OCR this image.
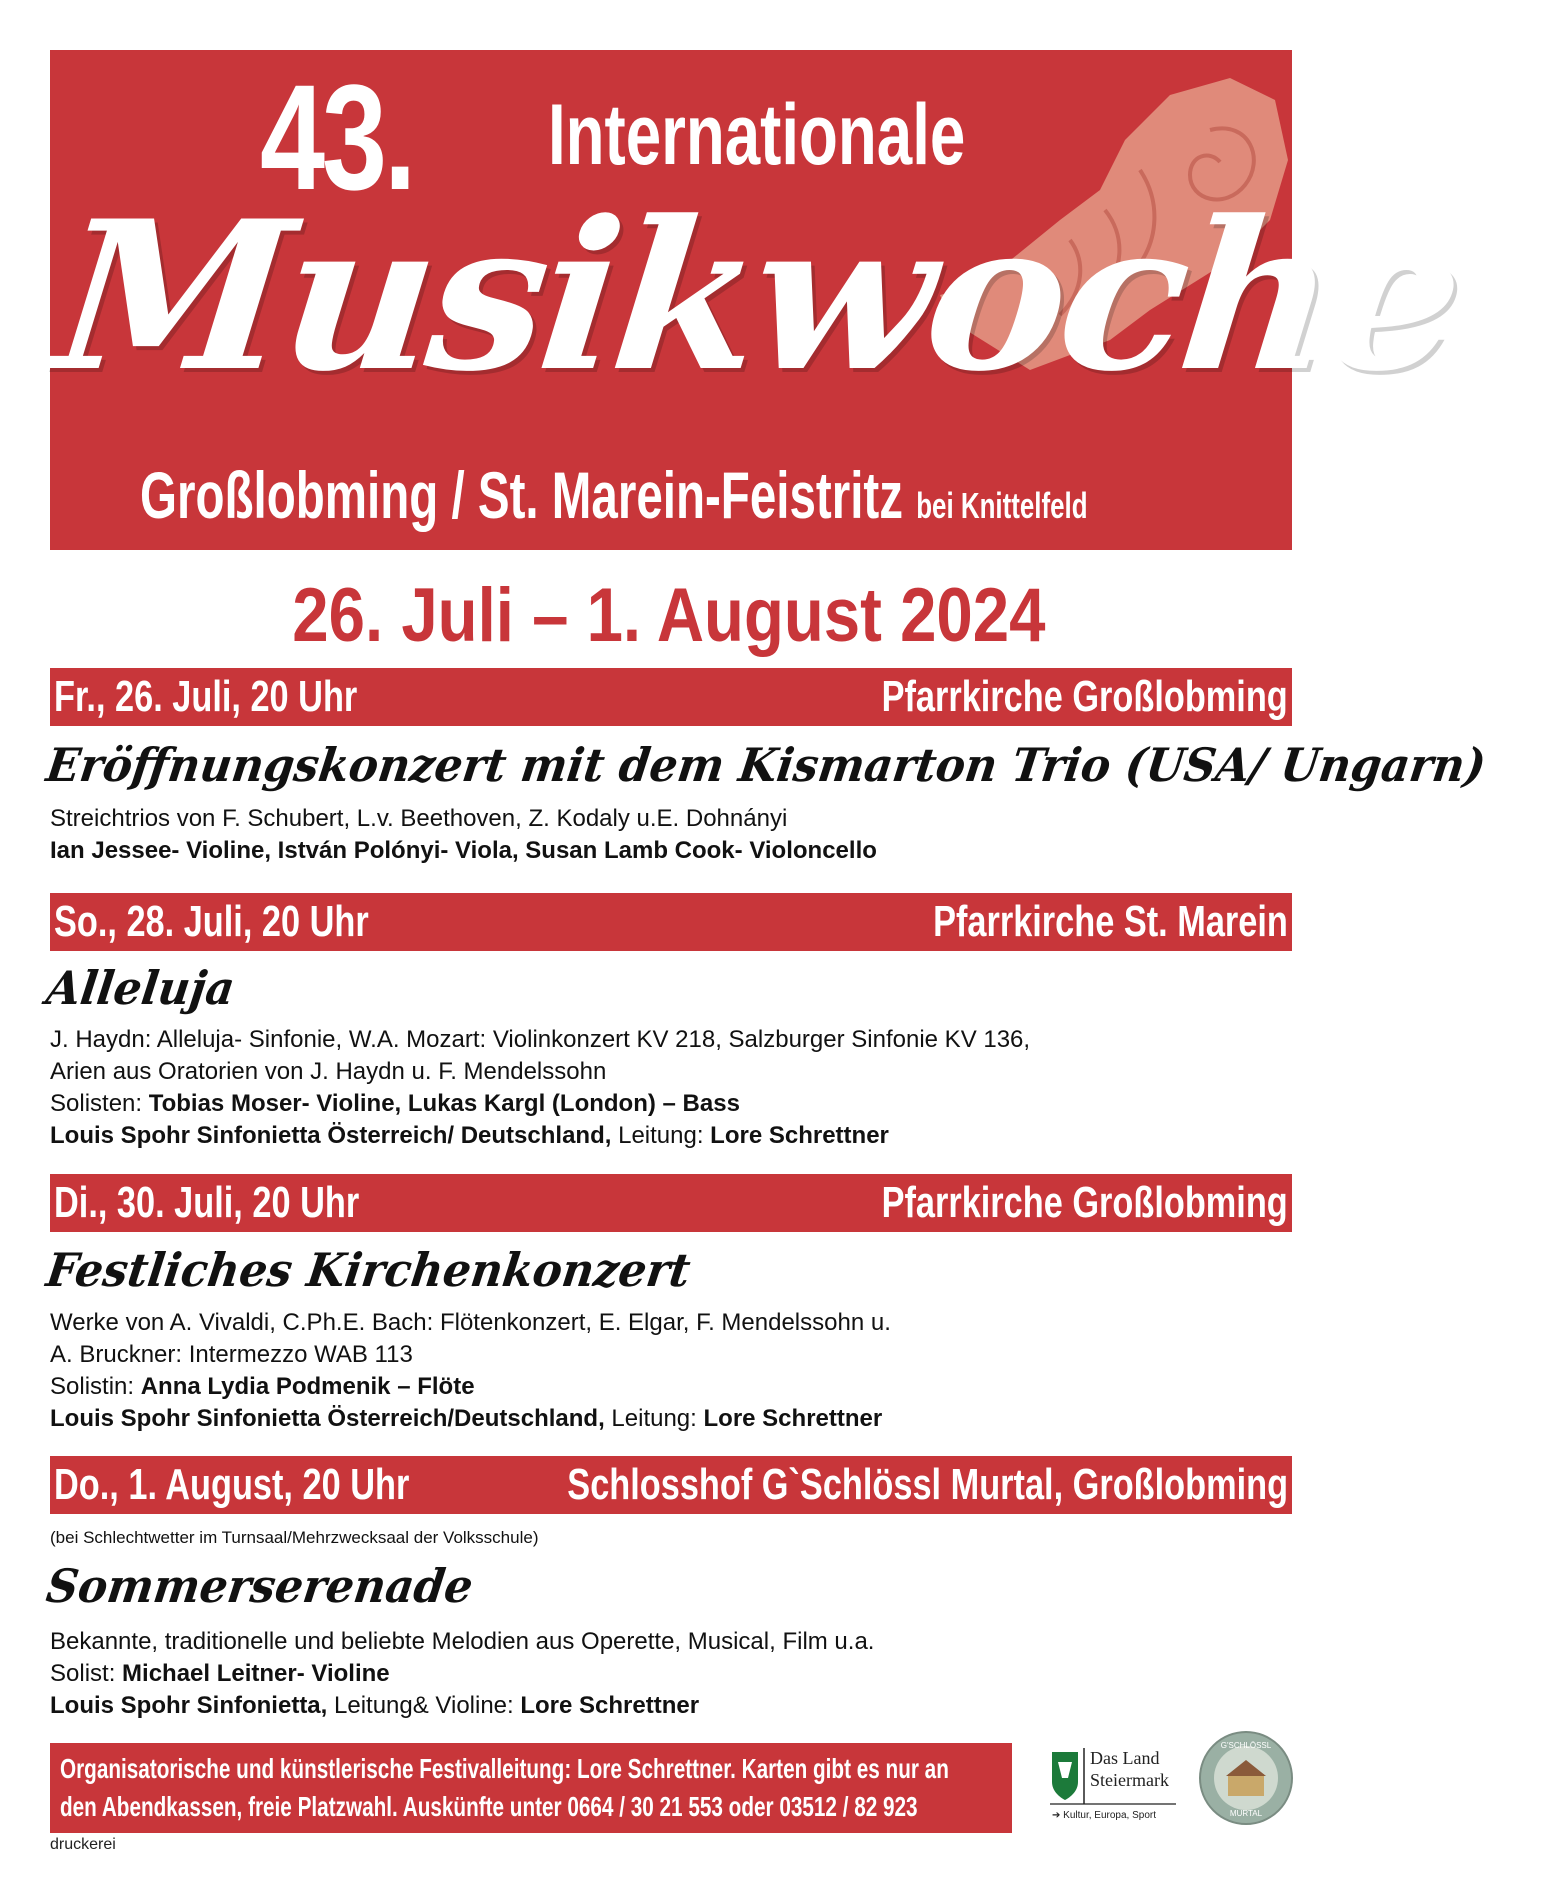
43.	Internationale
Musikwoche
Großlobming / St. Marein-Feistritz bei Knittelfeld
26. Juli – 1. August 2024
Fr., 26. Juli, 20 Uhr	Pfarrkirche Großlobming
Eröffnungskonzert mit dem Kismarton Trio (USA/ Ungarn)
Streichtrios von F. Schubert, L.v. Beethoven, Z. Kodaly u.E. Dohnányi
Ian Jessee- Violine, István Polónyi- Viola, Susan Lamb Cook- Violoncello
So., 28. Juli, 20 Uhr	Pfarrkirche St. Marein
Alleluja
J. Haydn: Alleluja- Sinfonie, W.A. Mozart: Violinkonzert KV 218, Salzburger Sinfonie KV 136,
Arien aus Oratorien von J. Haydn u. F. Mendelssohn
Solisten: Tobias Moser- Violine, Lukas Kargl (London) – Bass
Louis Spohr Sinfonietta Österreich/ Deutschland, Leitung: Lore Schrettner
Di., 30. Juli, 20 Uhr	Pfarrkirche Großlobming
Festliches Kirchenkonzert
Werke von A. Vivaldi, C.Ph.E. Bach: Flötenkonzert, E. Elgar, F. Mendelssohn u.
A. Bruckner: Intermezzo WAB 113
Solistin: Anna Lydia Podmenik – Flöte
Louis Spohr Sinfonietta Österreich/Deutschland, Leitung: Lore Schrettner
Do., 1. August, 20 Uhr	Schlosshof G`Schlössl Murtal, Großlobming
(bei Schlechtwetter im Turnsaal/Mehrzwecksaal der Volksschule)
Sommerserenade
Bekannte, traditionelle und beliebte Melodien aus Operette, Musical, Film u.a.
Solist: Michael Leitner- Violine
Louis Spohr Sinfonietta, Leitung& Violine: Lore Schrettner
Organisatorische und künstlerische Festivalleitung: Lore Schrettner. Karten gibt es nur an
den Abendkassen, freie Platzwahl. Auskünfte unter 0664 / 30 21 553 oder 03512 / 82 923
Das Land
Steiermark
➔ Kultur, Europa, Sport
G'SCHLÖSSL
MURTAL
druckerei
